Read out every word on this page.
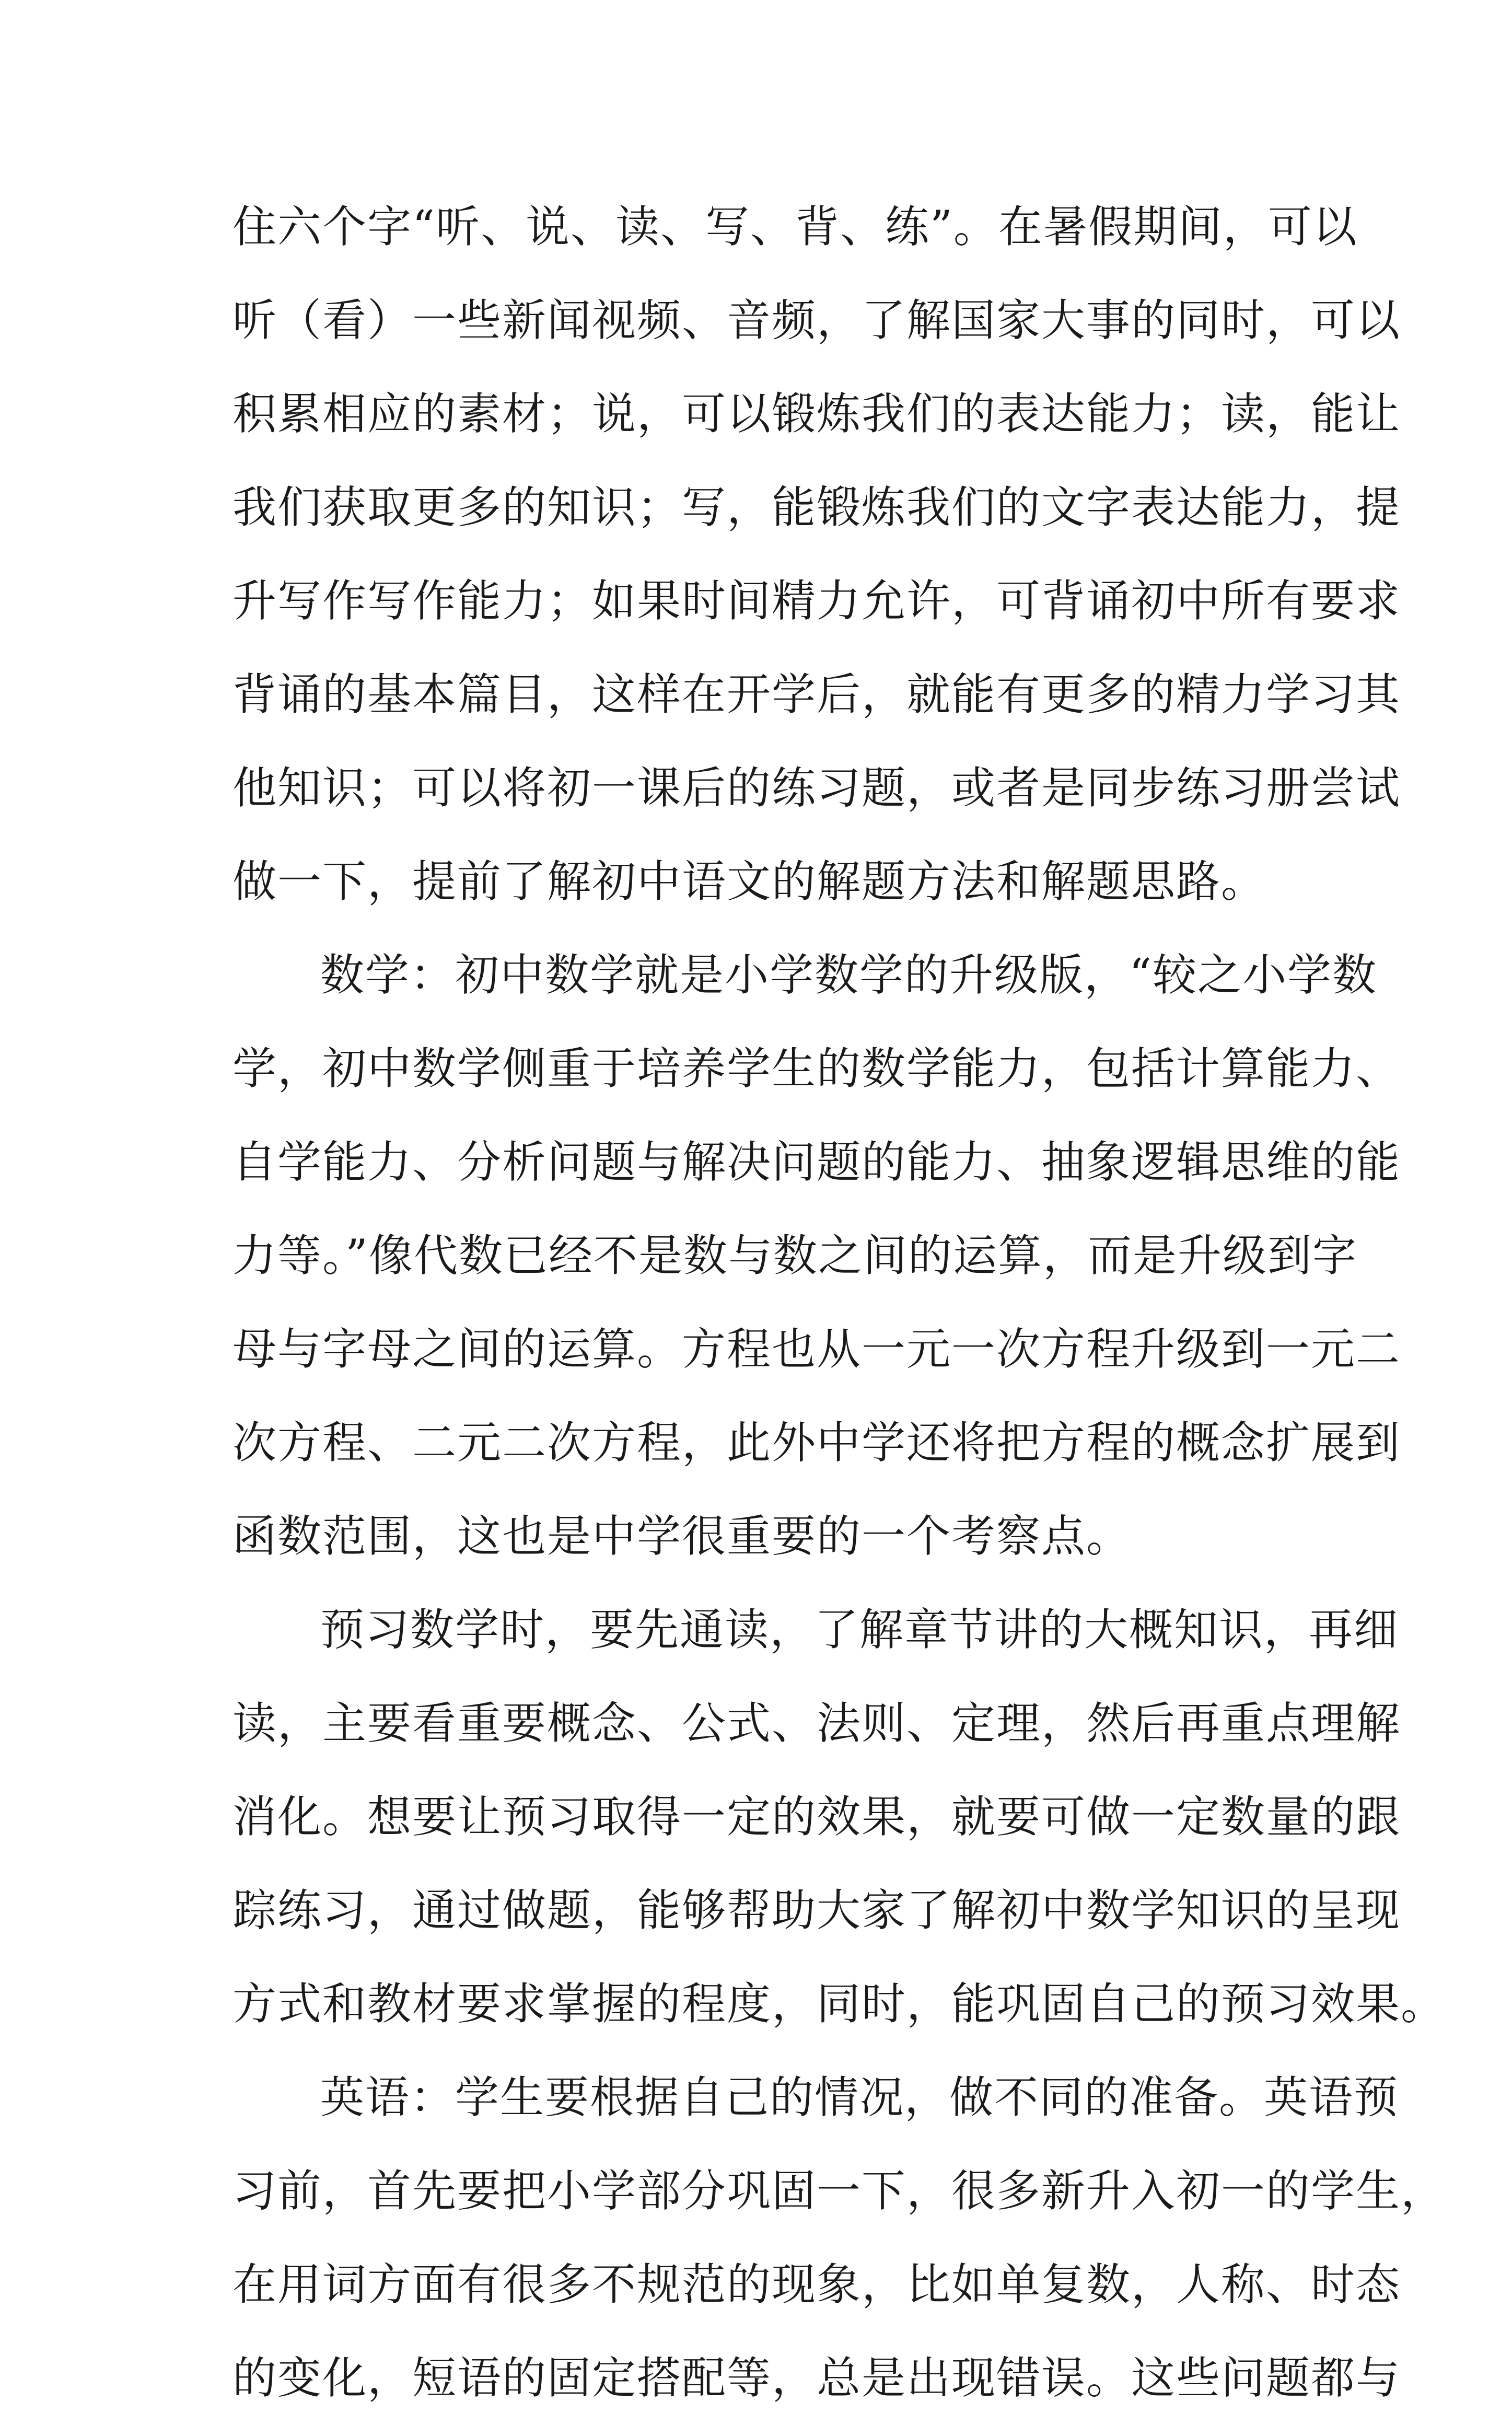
住六个字“听、说、读、写、背、练”。在暑假期间，可以
听（看）一些新闻视频、音频，了解国家大事的同时，可以
积累相应的素材；说，可以锻炼我们的表达能力；读，能让
我们获取更多的知识；写，能锻炼我们的文字表达能力，提
升写作写作能力；如果时间精力允许，可背诵初中所有要求
背诵的基本篇目，这样在开学后，就能有更多的精力学习其
他知识；可以将初一课后的练习题，或者是同步练习册尝试
做一下，提前了解初中语文的解题方法和解题思路。
数学：初中数学就是小学数学的升级版，“较之小学数
学，初中数学侧重于培养学生的数学能力，包括计算能力、
自学能力、分析问题与解决问题的能力、抽象逻辑思维的能
力等。”像代数已经不是数与数之间的运算，而是升级到字
母与字母之间的运算。方程也从一元一次方程升级到一元二
次方程、二元二次方程，此外中学还将把方程的概念扩展到
函数范围，这也是中学很重要的一个考察点。
预习数学时，要先通读，了解章节讲的大概知识，再细
读，主要看重要概念、公式、法则、定理，然后再重点理解
消化。想要让预习取得一定的效果，就要可做一定数量的跟
踪练习，通过做题，能够帮助大家了解初中数学知识的呈现
方式和教材要求掌握的程度，同时，能巩固自己的预习效果。
英语：学生要根据自己的情况，做不同的准备。英语预
习前，首先要把小学部分巩固一下，很多新升入初一的学生，
在用词方面有很多不规范的现象，比如单复数，人称、时态
的变化，短语的固定搭配等，总是出现错误。这些问题都与
